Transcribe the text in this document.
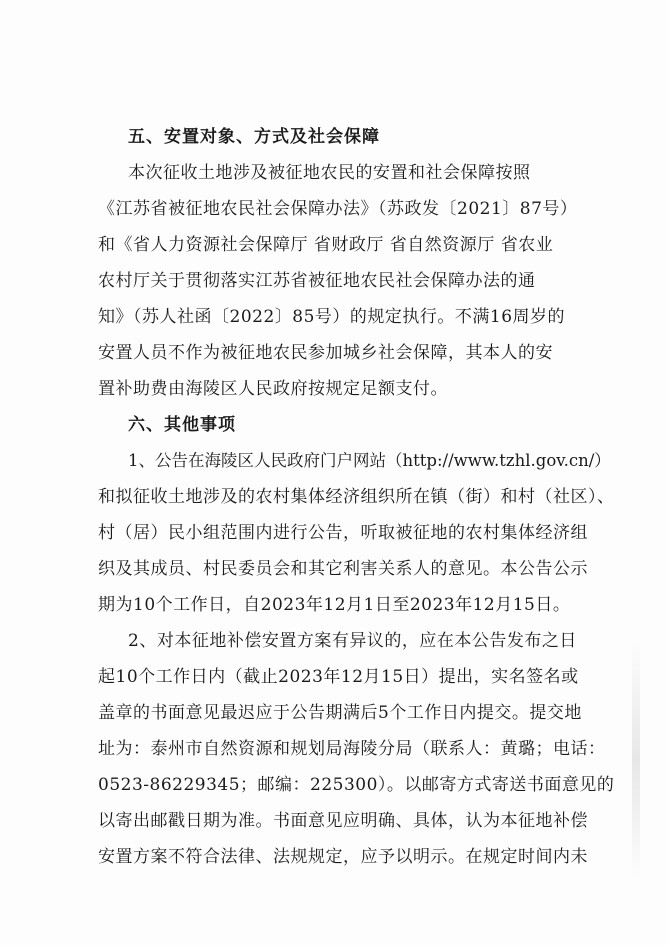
五、安置对象、方式及社会保障
本次征收土地涉及被征地农民的安置和社会保障按照
《江苏省被征地农民社会保障办法》（苏政发〔2021〕87号）
和《省人力资源社会保障厅 省财政厅 省自然资源厅 省农业
农村厅关于贯彻落实江苏省被征地农民社会保障办法的通
知》（苏人社函〔2022〕85号）的规定执行。不满16周岁的
安置人员不作为被征地农民参加城乡社会保障，其本人的安
置补助费由海陵区人民政府按规定足额支付。
六、其他事项
1、公告在海陵区人民政府门户网站（http://www.tzhl.gov.cn/）
和拟征收土地涉及的农村集体经济组织所在镇（街）和村（社区）、
村（居）民小组范围内进行公告，听取被征地的农村集体经济组
织及其成员、村民委员会和其它利害关系人的意见。本公告公示
期为10个工作日，自2023年12月1日至2023年12月15日。
2、对本征地补偿安置方案有异议的，应在本公告发布之日
起10个工作日内（截止2023年12月15日）提出，实名签名或
盖章的书面意见最迟应于公告期满后5个工作日内提交。提交地
址为：泰州市自然资源和规划局海陵分局（联系人：黄璐；电话：
0523-86229345；邮编：225300）。以邮寄方式寄送书面意见的
以寄出邮戳日期为准。书面意见应明确、具体，认为本征地补偿
安置方案不符合法律、法规规定，应予以明示。在规定时间内未
